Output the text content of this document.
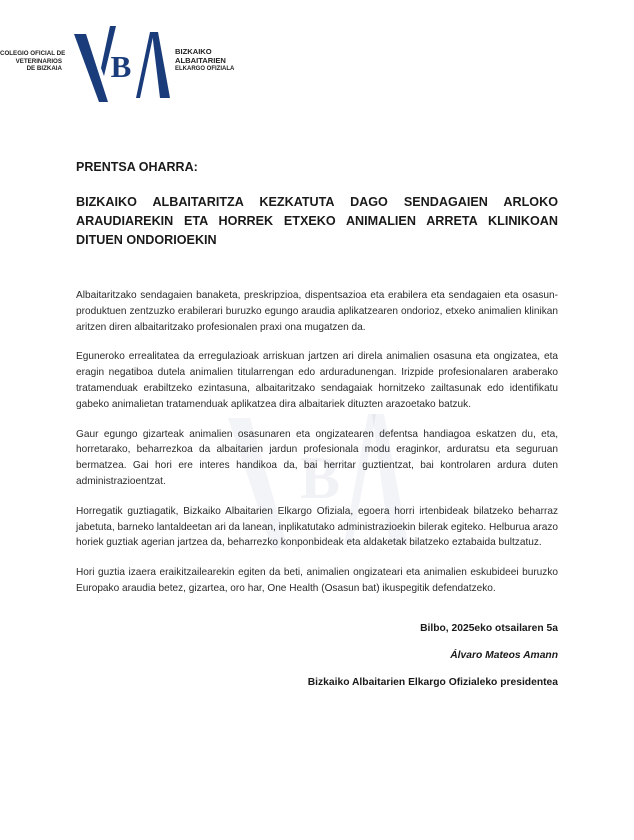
COLEGIO OFICIAL DE
VETERINARIOS
DE BIZKAIA B	BIZKAIKO
ALBAITARIEN
ELKARGO OFIZIALA
B
PRENTSA OHARRA:
BIZKAIKO ALBAITARITZA KEZKATUTA DAGO SENDAGAIEN ARLOKO ARAUDIAREKIN ETA HORREK ETXEKO ANIMALIEN ARRETA KLINIKOAN DITUEN ONDORIOEKIN

Albaitaritzako sendagaien banaketa, preskripzioa, dispentsazioa eta erabilera eta sendagaien eta osasun-produktuen zentzuzko erabilerari buruzko egungo araudia aplikatzearen ondorioz, etxeko animalien klinikan aritzen diren albaitaritzako profesionalen praxi ona mugatzen da.

Eguneroko errealitatea da erregulazioak arriskuan jartzen ari direla animalien osasuna eta ongizatea, eta eragin negatiboa dutela animalien titularrengan edo arduradunengan. Irizpide profesionalaren araberako tratamenduak erabiltzeko ezintasuna, albaitaritzako sendagaiak hornitzeko zailtasunak edo identifikatu gabeko animalietan tratamenduak aplikatzea dira albaitariek dituzten arazoetako batzuk.

Gaur egungo gizarteak animalien osasunaren eta ongizatearen defentsa handiagoa eskatzen du, eta, horretarako, beharrezkoa da albaitarien jardun profesionala modu eraginkor, arduratsu eta seguruan bermatzea. Gai hori ere interes handikoa da, bai herritar guztientzat, bai kontrolaren ardura duten administrazioentzat.

Horregatik guztiagatik, Bizkaiko Albaitarien Elkargo Ofiziala, egoera horri irtenbideak bilatzeko beharraz jabetuta, barneko lantaldeetan ari da lanean, inplikatutako administrazioekin bilerak egiteko. Helburua arazo horiek guztiak agerian jartzea da, beharrezko konponbideak eta aldaketak bilatzeko eztabaida bultzatuz.

Hori guztia izaera eraikitzailearekin egiten da beti, animalien ongizateari eta animalien eskubideei buruzko Europako araudia betez, gizartea, oro har, One Health (Osasun bat) ikuspegitik defendatzeko.

Bilbo, 2025eko otsailaren 5a
Álvaro Mateos Amann
Bizkaiko Albaitarien Elkargo Ofizialeko presidentea
